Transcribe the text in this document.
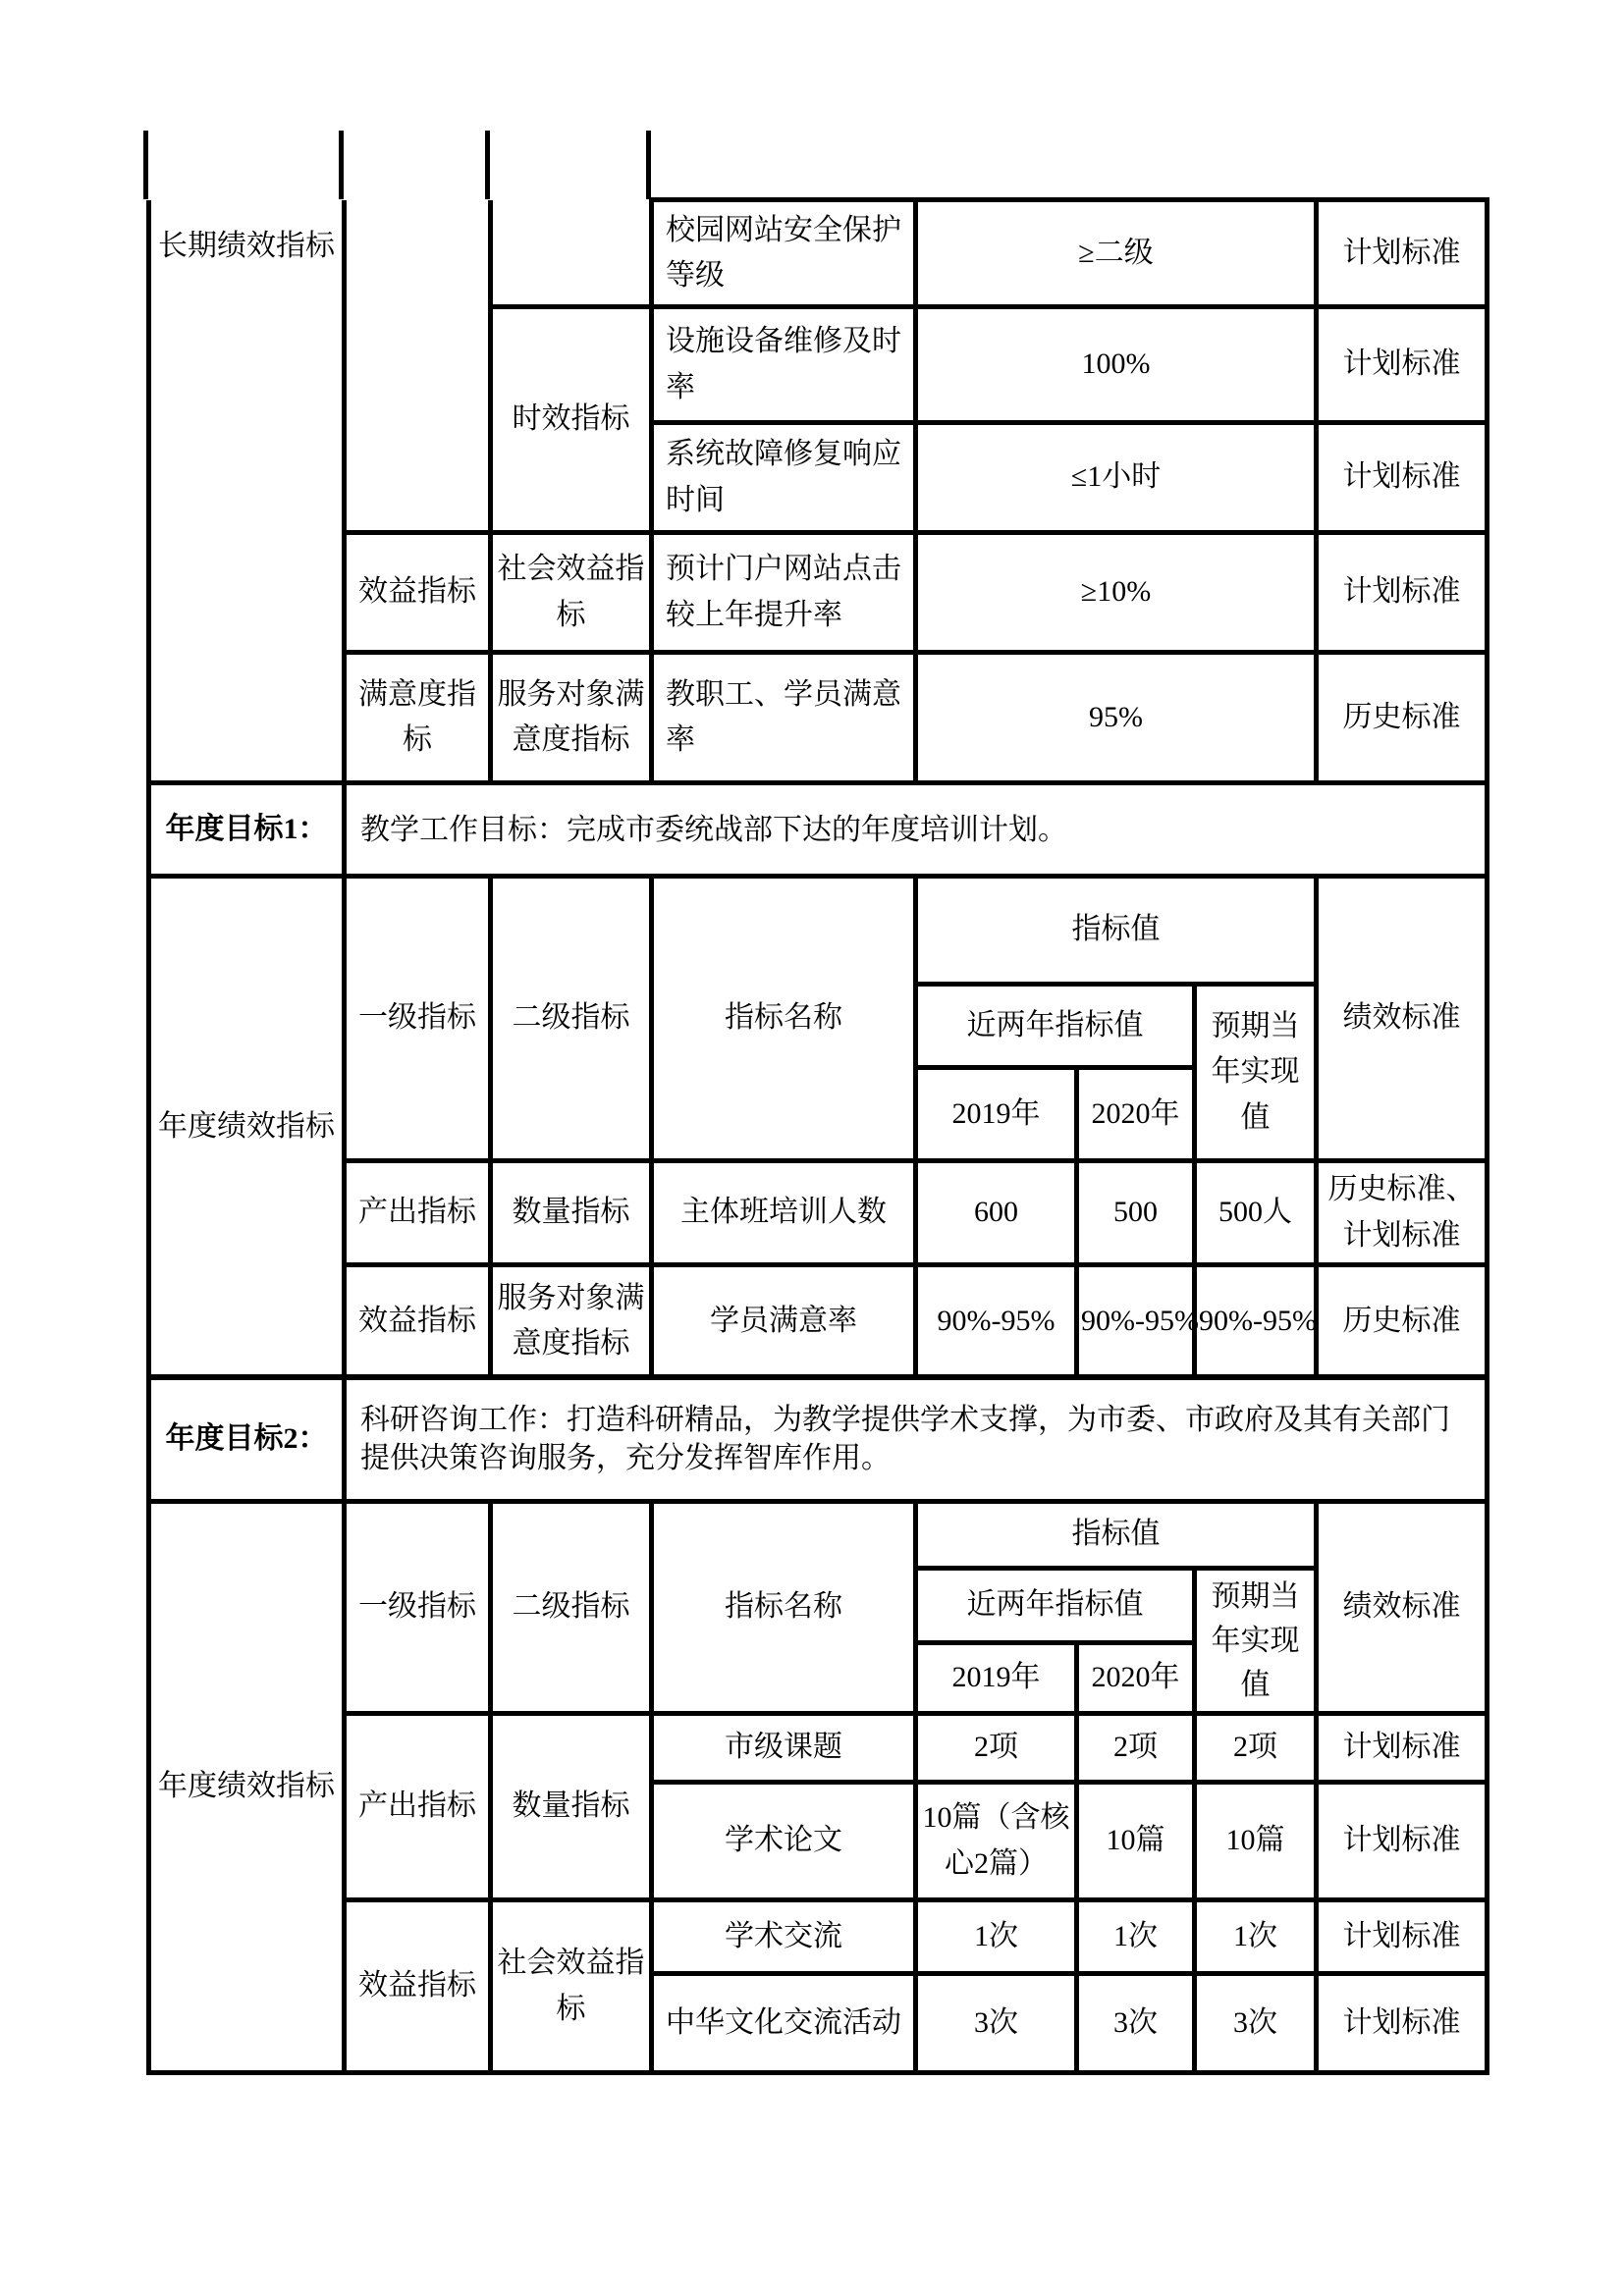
长期绩效指标			校园网站安全保护等级	≥二级	计划标准
		时效指标	设施设备维修及时率	100%	计划标准
			系统故障修复响应时间	≤1小时	计划标准
	效益指标	社会效益指标	预计门户网站点击较上年提升率	≥10%	计划标准
	满意度指标	服务对象满意度指标	教职工、学员满意率	95%	历史标准
年度目标1：	教学工作目标：完成市委统战部下达的年度培训计划。
年度绩效指标	一级指标	二级指标	指标名称	指标值			绩效标准
				近两年指标值		预期当年实现值	
				2019年	2020年		
	产出指标	数量指标	主体班培训人数	600	500	500人	历史标准、计划标准
	效益指标	服务对象满意度指标	学员满意率	90%-95%	90%-95%	90%-95%	历史标准
年度目标2：	科研咨询工作：打造科研精品，为教学提供学术支撑，为市委、市政府及其有关部门提供决策咨询服务，充分发挥智库作用。
年度绩效指标	一级指标	二级指标	指标名称	指标值			绩效标准
				近两年指标值		预期当年实现值	
				2019年	2020年		
	产出指标	数量指标	市级课题	2项	2项	2项	计划标准
			学术论文	10篇（含核心2篇）	10篇	10篇	计划标准
	效益指标	社会效益指标	学术交流	1次	1次	1次	计划标准
			中华文化交流活动	3次	3次	3次	计划标准
